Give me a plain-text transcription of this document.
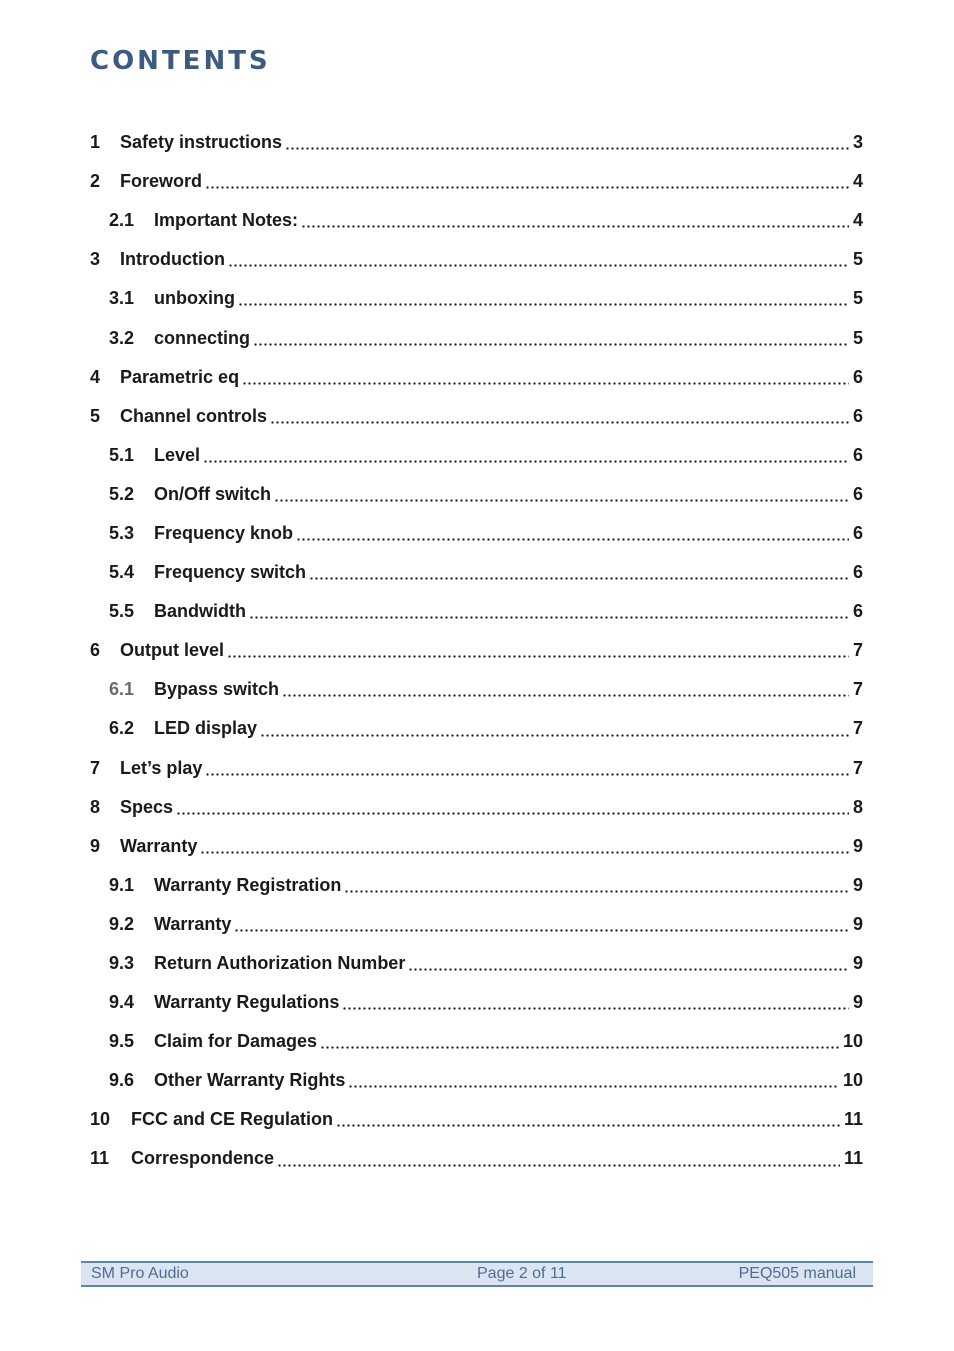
CONTENTS
1	Safety instructions	3
2	Foreword	4
2.1	Important Notes:	4
3	Introduction	5
3.1	unboxing	5
3.2	connecting	5
4	Parametric eq	6
5	Channel controls	6
5.1	Level	6
5.2	On/Off switch	6
5.3	Frequency knob	6
5.4	Frequency switch	6
5.5	Bandwidth	6
6	Output level	7
6.1	Bypass switch	7
6.2	LED display	7
7	Let’s play	7
8	Specs	8
9	Warranty	9
9.1	Warranty Registration	9
9.2	Warranty	9
9.3	Return Authorization Number	9
9.4	Warranty Regulations	9
9.5	Claim for Damages	10
9.6	Other Warranty Rights	10
10	FCC and CE Regulation	11
11	Correspondence	11
SM Pro Audio	Page 2 of 11	PEQ505 manual
